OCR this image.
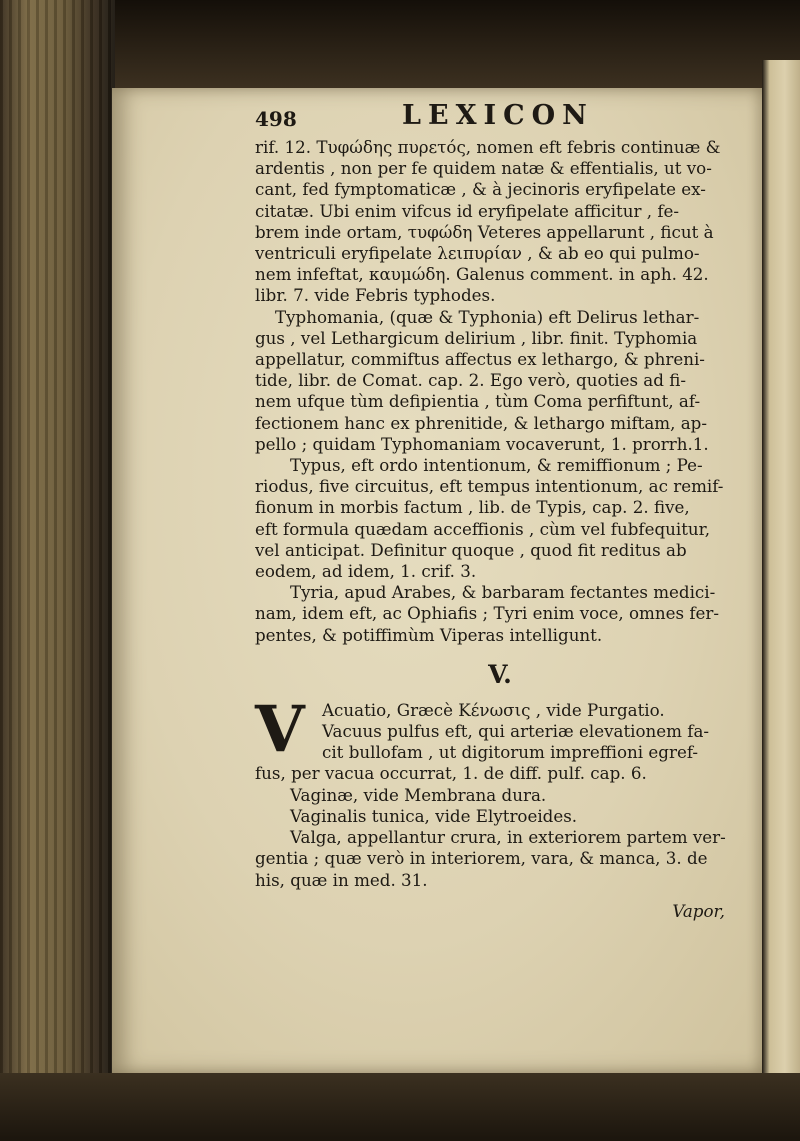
498	LEXICON
rif. 12. Τυφώδης πυρετός, nomen eft febris continuæ &
ardentis , non per fe quidem natæ & effentialis, ut vo-
cant, fed fymptomaticæ , & à jecinoris eryfipelate ex-
citatæ. Ubi enim vifcus id eryfipelate afficitur , fe-
brem inde ortam, τυφώδη Veteres appellarunt , ficut à
ventriculi eryfipelate λειπυρίαν , & ab eo qui pulmo-
nem infeftat, καυμώδη. Galenus comment. in aph. 42.
libr. 7. vide Febris typhodes.
Typhomania, (quæ & Typhonia) eft Delirus lethar-
gus , vel Lethargicum delirium , libr. finit. Typhomia
appellatur, commiftus affectus ex lethargo, & phreni-
tide, libr. de Comat. cap. 2. Ego verò, quoties ad fi-
nem ufque tùm defipientia , tùm Coma perfiftunt, af-
fectionem hanc ex phrenitide, & lethargo miftam, ap-
pello ; quidam Typhomaniam vocaverunt, 1. prorrh.1.
Typus, eft ordo intentionum, & remiffionum ; Pe-
riodus, five circuitus, eft tempus intentionum, ac remif-
fionum in morbis factum , lib. de Typis, cap. 2. five,
eft formula quædam acceffionis , cùm vel fubfequitur,
vel anticipat. Definitur quoque , quod fit reditus ab
eodem, ad idem, 1. crif. 3.
Tyria, apud Arabes, & barbaram fectantes medici-
nam, idem eft, ac Ophiafis ; Tyri enim voce, omnes fer-
pentes, & potiffimùm Viperas intelligunt.
V.
V	Acuatio, Græcè Κένωσις , vide Purgatio.
Vacuus pulfus eft, qui arteriæ elevationem fa-
cit bullofam , ut digitorum impreffioni egref-
fus, per vacua occurrat, 1. de diff. pulf. cap. 6.
Vaginæ, vide Membrana dura.
Vaginalis tunica, vide Elytroeides.
Valga, appellantur crura, in exteriorem partem ver-
gentia ; quæ verò in interiorem, vara, & manca, 3. de
his, quæ in med. 31.
Vapor,
